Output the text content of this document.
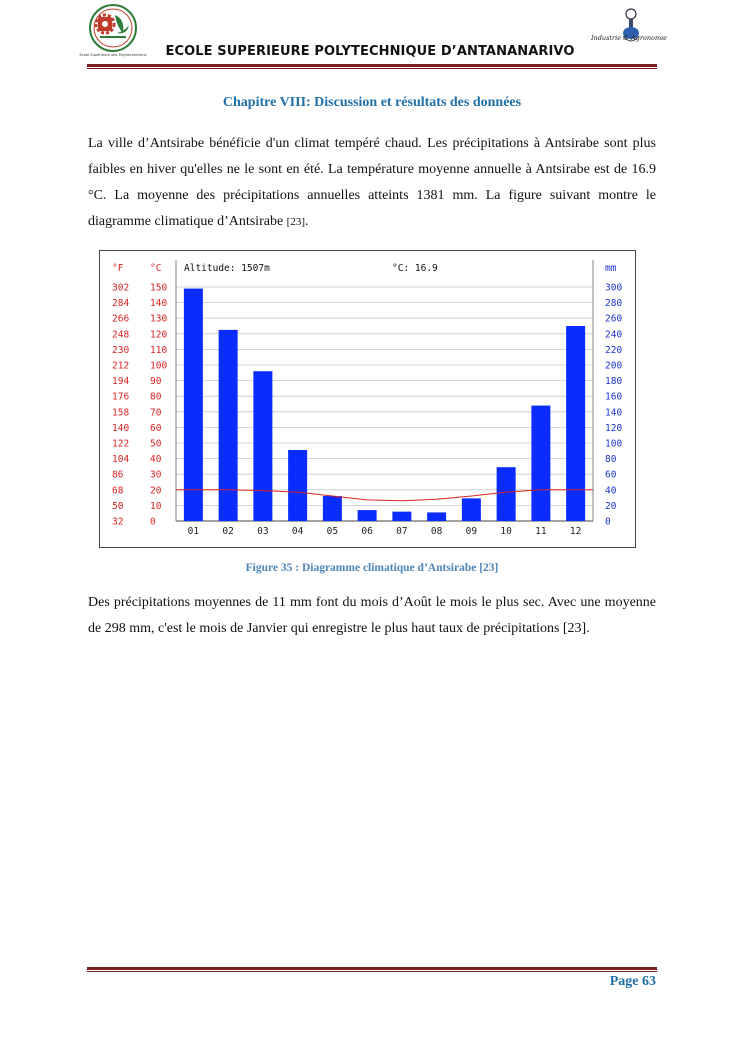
Ecole Supérieure des Polytechniciens
Industrie & Agronomie
ECOLE SUPERIEURE POLYTECHNIQUE D’ANTANANARIVO
Chapitre VIII: Discussion et résultats des données

La ville d’Antsirabe bénéficie d'un climat tempéré chaud. Les précipitations à Antsirabe sont plus faibles en hiver qu'elles ne le sont en été. La température moyenne annuelle à Antsirabe est de 16.9 °C. La moyenne des précipitations annuelles atteints 1381 mm. La figure suivant montre le diagramme climatique d’Antsirabe [23].

0
0
32
20
10
50
40
20
68
60
30
86
80
40
104
100
50
122
120
60
140
140
70
158
160
80
176
180
90
194
200
100
212
220
110
230
240
120
248
260
130
266
280
140
284
300
150
302
01 02 03 04 05 06 07 08 09 10 11 12
°F	°C	mm
Altitude: 1507m	°C: 16.9
Figure 35 : Diagramme climatique d’Antsirabe [23]

Des précipitations moyennes de 11 mm font du mois d’Août le mois le plus sec. Avec une moyenne de 298 mm, c'est le mois de Janvier qui enregistre le plus haut taux de précipitations [23].

Page 63
